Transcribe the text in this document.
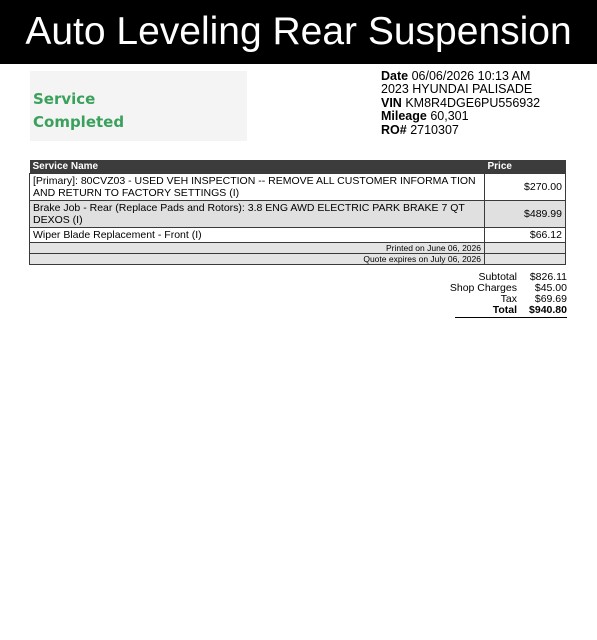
Auto Leveling Rear Suspension
Service
Completed
Date 06/06/2026 10:13 AM
2023 HYUNDAI PALISADE
VIN KM8R4DGE6PU556932
Mileage 60,301
RO# 2710307
Service Name	Price
[Primary]: 80CVZ03 - USED VEH INSPECTION -- REMOVE ALL CUSTOMER INFORMA TION AND RETURN TO FACTORY SETTINGS (I)	$270.00
Brake Job - Rear (Replace Pads and Rotors): 3.8 ENG AWD ELECTRIC PARK BRAKE 7 QT DEXOS (I)	$489.99
Wiper Blade Replacement - Front (I)	$66.12
Printed on June 06, 2026	
Quote expires on July 06, 2026	
Subtotal	$826.11
Shop Charges	$45.00
Tax	$69.69
Total	$940.80
